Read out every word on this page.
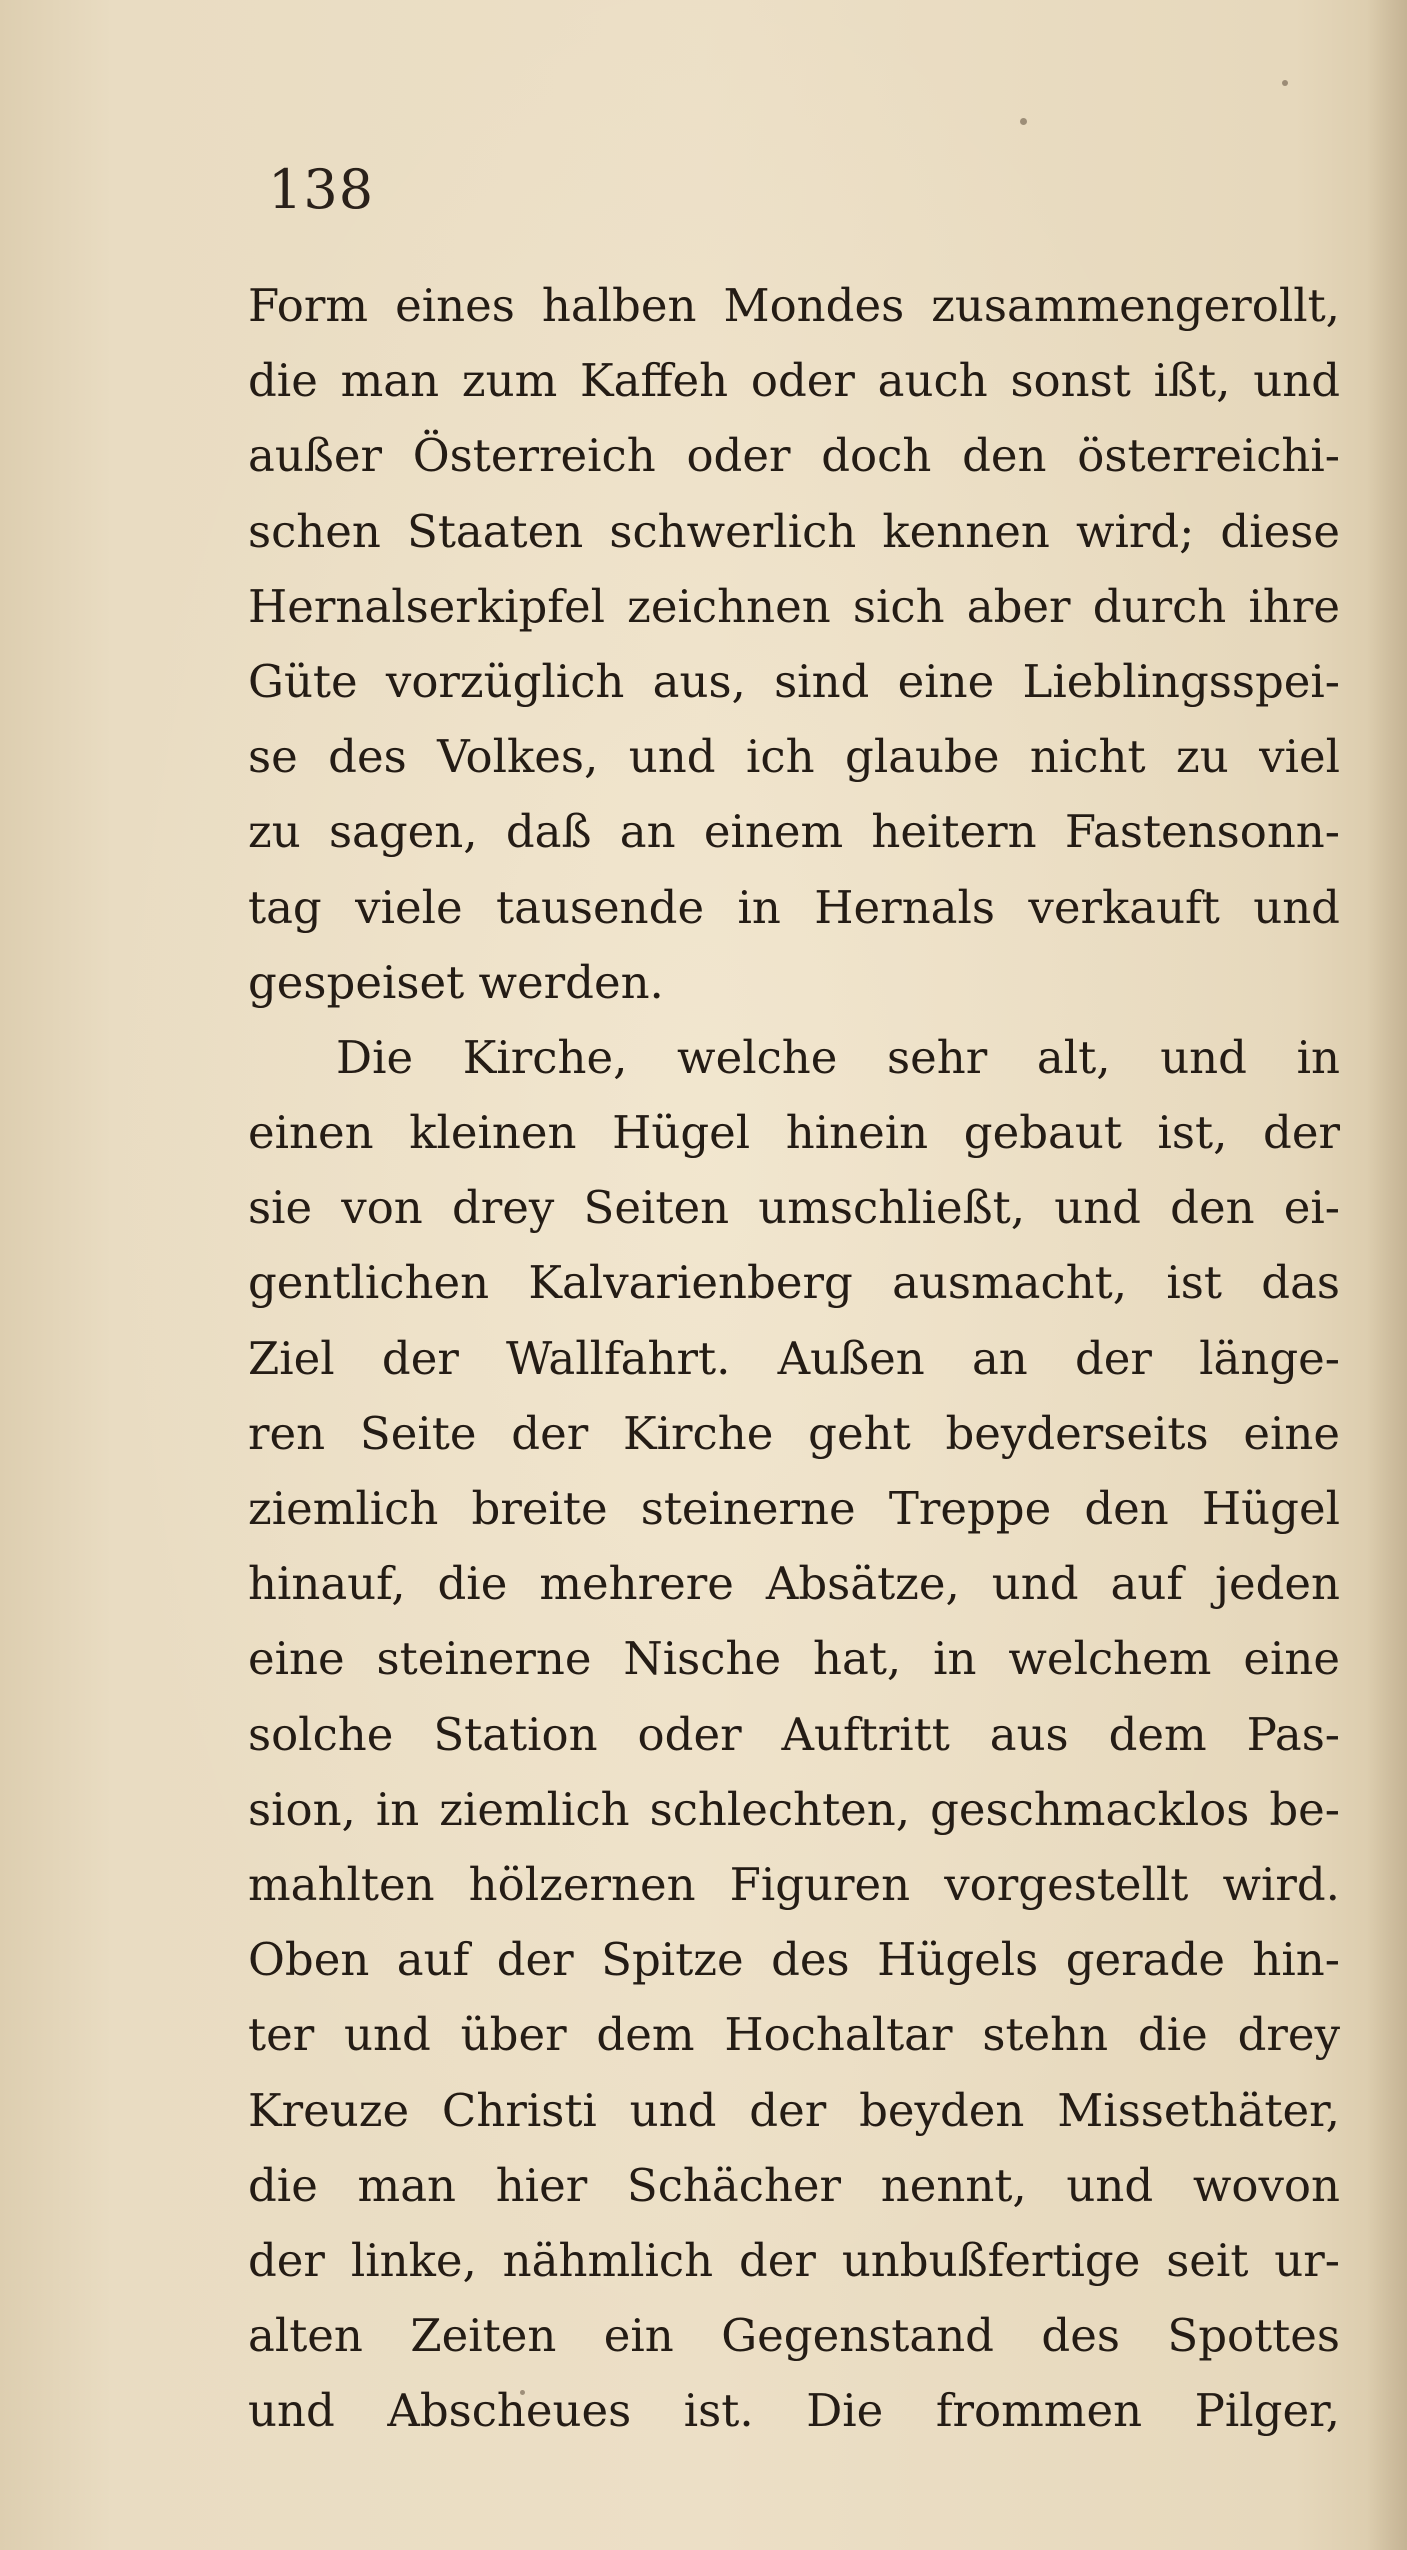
138
Form eines halben Mondes zusammengerollt,
die man zum Kaffeh oder auch sonst ißt, und
außer Österreich oder doch den österreichi-
schen Staaten schwerlich kennen wird; diese
Hernalserkipfel zeichnen sich aber durch ihre
Güte vorzüglich aus, sind eine Lieblingsspei-
se des Volkes, und ich glaube nicht zu viel
zu sagen, daß an einem heitern Fastensonn-
tag viele tausende in Hernals verkauft und
gespeiset werden.
Die Kirche, welche sehr alt, und in
einen kleinen Hügel hinein gebaut ist, der
sie von drey Seiten umschließt, und den ei-
gentlichen Kalvarienberg ausmacht, ist das
Ziel der Wallfahrt. Außen an der länge-
ren Seite der Kirche geht beyderseits eine
ziemlich breite steinerne Treppe den Hügel
hinauf, die mehrere Absätze, und auf jeden
eine steinerne Nische hat, in welchem eine
solche Station oder Auftritt aus dem Pas-
sion, in ziemlich schlechten, geschmacklos be-
mahlten hölzernen Figuren vorgestellt wird.
Oben auf der Spitze des Hügels gerade hin-
ter und über dem Hochaltar stehn die drey
Kreuze Christi und der beyden Missethäter,
die man hier Schächer nennt, und wovon
der linke, nähmlich der unbußfertige seit ur-
alten Zeiten ein Gegenstand des Spottes
und Abscheues ist. Die frommen Pilger,
